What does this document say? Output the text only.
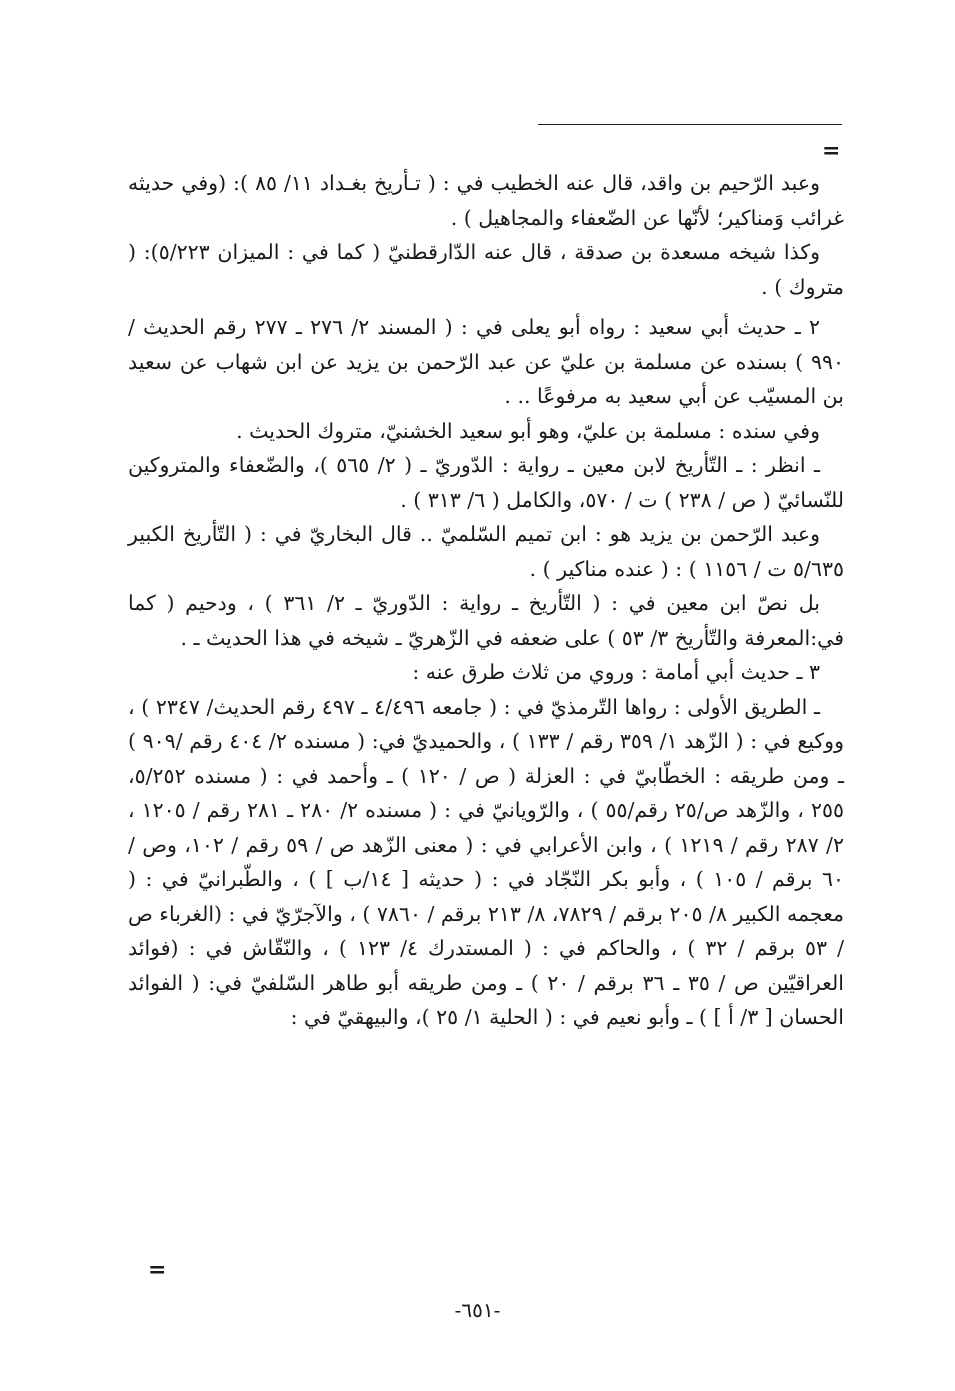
=

وعبد الرّحيم بن واقد، قال عنه الخطيب في : ( تـأريخ بغـداد ١١/ ٨٥ ): (وفي حديثه غرائب وَمناكير؛ لأنّها عن الضّعفاء والمجاهيل ) .

وكذا شيخه مسعدة بن صدقة ، قال عنه الدّارقطنيّ ( كما في : الميزان ٥/٢٢٣): ( متروك ) .

٢ ـ حديث أبي سعيد : رواه أبو يعلى في : ( المسند ٢/ ٢٧٦ ـ ٢٧٧ رقم الحديث / ٩٩٠ ) بسنده عن مسلمة بن عليّ عن عبد الرّحمن بن يزيد عن ابن شهاب عن سعيد بن المسيّب عن أبي سعيد به مرفوعًا .. .

وفي سنده : مسلمة بن عليّ، وهو أبو سعيد الخشنيّ، متروك الحديث .

ـ انظر : ـ التّأريخ لابن معين ـ رواية : الدّوريّ ـ ( ٢/ ٥٦٥ )، والضّعفاء والمتروكين للنّسائيّ ( ص / ٢٣٨ ) ت / ٥٧٠، والكامل ( ٦/ ٣١٣ ) .

وعبد الرّحمن بن يزيد هو : ابن تميم السّلميّ .. قال البخاريّ في : ( التّأريخ الكبير ٥/٦٣٥ ت / ١١٥٦ ) : ( عنده مناكير ) .

بل نصّ ابن معين في : ( التّأريخ ـ رواية : الدّوريّ ـ ٢/ ٣٦١ ) ، ودحيم ( كما في:المعرفة والتّأريخ ٣/ ٥٣ ) على ضعفه في الزّهريّ ـ شيخه في هذا الحديث ـ .

٣ ـ حديث أبي أمامة : وروي من ثلاث طرق عنه :

ـ الطريق الأولى : رواها التّرمذيّ في : ( جامعه ٤/٤٩٦ ـ ٤٩٧ رقم الحديث/ ٢٣٤٧ ) ، ووكيع في : ( الزّهد ١/ ٣٥٩ رقم / ١٣٣ ) ، والحميديّ في: ( مسنده ٢/ ٤٠٤ رقم /٩٠٩ ) ـ ومن طريقه : الخطّابيّ في : العزلة ( ص / ١٢٠ ) ـ وأحمد في : ( مسنده ٥/٢٥٢، ٢٥٥ ، والزّهد ص/٢٥ رقم/٥٥ ) ، والرّويانيّ في : ( مسنده ٢/ ٢٨٠ ـ ٢٨١ رقم / ١٢٠٥ ، ٢/ ٢٨٧ رقم / ١٢١٩ ) ، وابن الأعرابي في : ( معنى الزّهد ص / ٥٩ رقم / ١٠٢، وص / ٦٠ برقم / ١٠٥ ) ، وأبو بكر النّجّاد في : ( حديثه [ ١٤/ب ] ) ، والطّبرانيّ في : ( معجمه الكبير ٨/ ٢٠٥ برقم / ٧٨٢٩، ٨/ ٢١٣ برقم / ٧٨٦٠ ) ، والآجرّيّ في : (الغرباء ص / ٥٣ برقم / ٣٢ ) ، والحاكم في : ( المستدرك ٤/ ١٢٣ ) ، والنّقّاش في : (فوائد العراقيّين ص / ٣٥ ـ ٣٦ برقم / ٢٠ ) ـ ومن طريقه أبو طاهر السّلفيّ في: ( الفوائد الحسان [ ٣/ أ ] ) ـ وأبو نعيم في : ( الحلية ١/ ٢٥ )، والبيهقيّ في :

=
-٦٥١-
